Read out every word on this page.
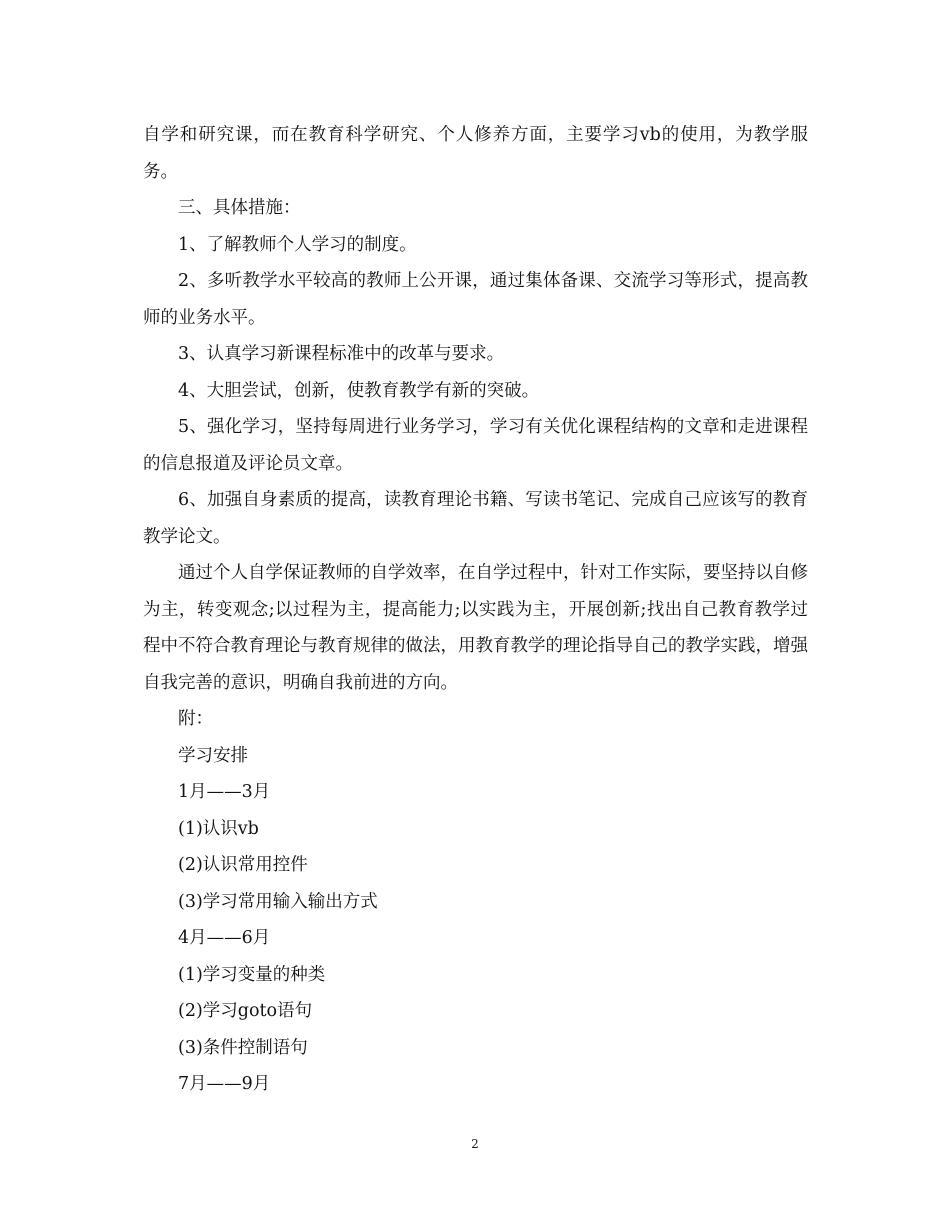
自学和研究课，而在教育科学研究、个人修养方面，主要学习vb的使用，为教学服务。

三、具体措施：

1、了解教师个人学习的制度。

2、多听教学水平较高的教师上公开课，通过集体备课、交流学习等形式，提高教师的业务水平。

3、认真学习新课程标准中的改革与要求。

4、大胆尝试，创新，使教育教学有新的突破。

5、强化学习，坚持每周进行业务学习，学习有关优化课程结构的文章和走进课程的信息报道及评论员文章。

6、加强自身素质的提高，读教育理论书籍、写读书笔记、完成自己应该写的教育教学论文。

通过个人自学保证教师的自学效率，在自学过程中，针对工作实际，要坚持以自修为主，转变观念;以过程为主，提高能力;以实践为主，开展创新;找出自己教育教学过程中不符合教育理论与教育规律的做法，用教育教学的理论指导自己的教学实践，增强自我完善的意识，明确自我前进的方向。

附：

学习安排

1月——3月

(1)认识vb

(2)认识常用控件

(3)学习常用输入输出方式

4月——6月

(1)学习变量的种类

(2)学习goto语句

(3)条件控制语句

7月——9月

2
